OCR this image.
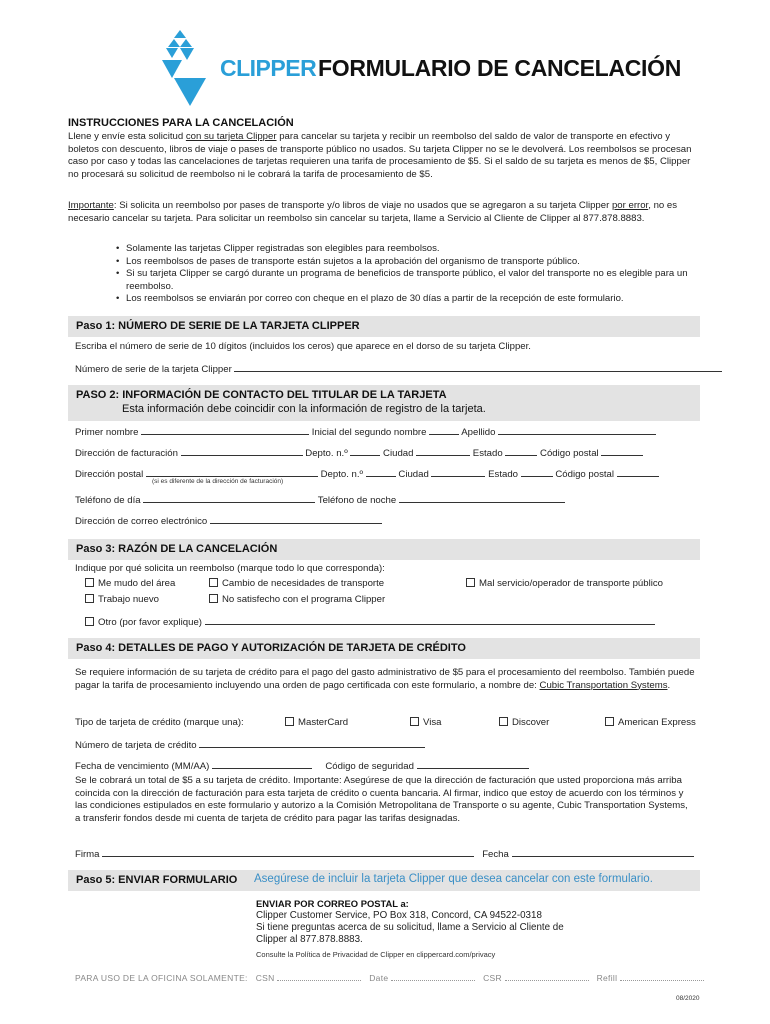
CLIPPER FORMULARIO DE CANCELACIÓN
INSTRUCCIONES PARA LA CANCELACIÓN
Llene y envíe esta solicitud con su tarjeta Clipper para cancelar su tarjeta y recibir un reembolso del saldo de valor de transporte en efectivo y boletos con descuento, libros de viaje o pases de transporte público no usados. Su tarjeta Clipper no se le devolverá. Los reembolsos se procesan caso por caso y todas las cancelaciones de tarjetas requieren una tarifa de procesamiento de $5. Si el saldo de su tarjeta es menos de $5, Clipper no procesará su solicitud de reembolso ni le cobrará la tarifa de procesamiento de $5.
Importante: Si solicita un reembolso por pases de transporte y/o libros de viaje no usados que se agregaron a su tarjeta Clipper por error, no es necesario cancelar su tarjeta. Para solicitar un reembolso sin cancelar su tarjeta, llame a Servicio al Cliente de Clipper al 877.878.8883.
• Solamente las tarjetas Clipper registradas son elegibles para reembolsos.
• Los reembolsos de pases de transporte están sujetos a la aprobación del organismo de transporte público.
• Si su tarjeta Clipper se cargó durante un programa de beneficios de transporte público, el valor del transporte no es elegible para un reembolso.
• Los reembolsos se enviarán por correo con cheque en el plazo de 30 días a partir de la recepción de este formulario.
Paso 1: NÚMERO DE SERIE DE LA TARJETA CLIPPER
Escriba el número de serie de 10 dígitos (incluidos los ceros) que aparece en el dorso de su tarjeta Clipper.
Número de serie de la tarjeta Clipper
PASO 2: INFORMACIÓN DE CONTACTO DEL TITULAR DE LA TARJETA
Esta información debe coincidir con la información de registro de la tarjeta.
Primer nombre	Inicial del segundo nombre	Apellido
Dirección de facturación	Depto. n.º	Ciudad	Estado	Código postal
Dirección postal	Depto. n.º	Ciudad	Estado	Código postal
(si es diferente de la dirección de facturación)
Teléfono de día	Teléfono de noche
Dirección de correo electrónico
Paso 3: RAZÓN DE LA CANCELACIÓN
Indique por qué solicita un reembolso (marque todo lo que corresponda):
Me mudo del área	Cambio de necesidades de transporte	Mal servicio/operador de transporte público
Trabajo nuevo	No satisfecho con el programa Clipper
Otro (por favor explique)
Paso 4: DETALLES DE PAGO Y AUTORIZACIÓN DE TARJETA DE CRÉDITO
Se requiere información de su tarjeta de crédito para el pago del gasto administrativo de $5 para el procesamiento del reembolso. También puede pagar la tarifa de procesamiento incluyendo una orden de pago certificada con este formulario, a nombre de: Cubic Transportation Systems.
Tipo de tarjeta de crédito (marque una):	MasterCard	Visa	Discover	American Express
Número de tarjeta de crédito
Fecha de vencimiento (MM/AA)	Código de seguridad
Se le cobrará un total de $5 a su tarjeta de crédito. Importante: Asegúrese de que la dirección de facturación que usted proporciona más arriba coincida con la dirección de facturación para esta tarjeta de crédito o cuenta bancaria. Al firmar, indico que estoy de acuerdo con los términos y las condiciones estipulados en este formulario y autorizo a la Comisión Metropolitana de Transporte o su agente, Cubic Transportation Systems, a transferir fondos desde mi cuenta de tarjeta de crédito para pagar las tarifas designadas.
Firma	Fecha
Paso 5: ENVIAR FORMULARIO Asegúrese de incluir la tarjeta Clipper que desea cancelar con este formulario.
ENVIAR POR CORREO POSTAL a:
Clipper Customer Service, PO Box 318, Concord, CA 94522-0318
Si tiene preguntas acerca de su solicitud, llame a Servicio al Cliente de Clipper al 877.878.8883.
Consulte la Política de Privacidad de Clipper en clippercard.com/privacy
PARA USO DE LA OFICINA SOLAMENTE: CSN	Date	CSR	Refill
08/2020
